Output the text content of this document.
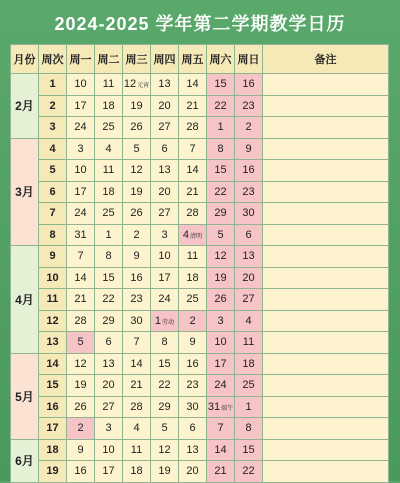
2024-2025 学年第二学期教学日历
月份	周次	周一	周二	周三	周四	周五	周六	周日	备注
2月	1	10	11	12元宵	13	14	15	16	
	2	17	18	19	20	21	22	23	
	3	24	25	26	27	28	1	2	
3月	4	3	4	5	6	7	8	9	
	5	10	11	12	13	14	15	16	
	6	17	18	19	20	21	22	23	
	7	24	25	26	27	28	29	30	
	8	31	1	2	3	4清明	5	6	
4月	9	7	8	9	10	11	12	13	
	10	14	15	16	17	18	19	20	
	11	21	22	23	24	25	26	27	
	12	28	29	30	1劳动	2	3	4	
	13	5	6	7	8	9	10	11	
5月	14	12	13	14	15	16	17	18	
	15	19	20	21	22	23	24	25	
	16	26	27	28	29	30	31端午	1	
	17	2	3	4	5	6	7	8	
6月	18	9	10	11	12	13	14	15	
	19	16	17	18	19	20	21	22	
